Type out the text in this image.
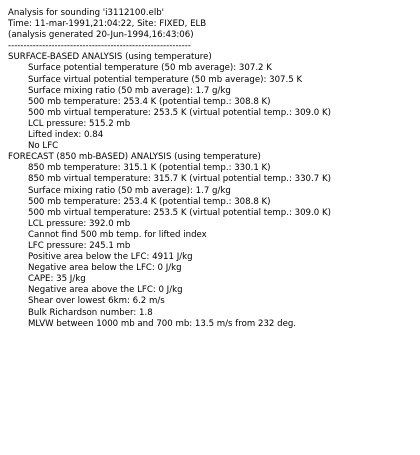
Analysis for sounding 'i3112100.elb'
Time: 11-mar-1991,21:04:22, Site: FIXED, ELB
(analysis generated 20-Jun-1994,16:43:06)
-----------------------------------------------------------
SURFACE-BASED ANALYSIS (using temperature)
Surface potential temperature (50 mb average): 307.2 K
Surface virtual potential temperature (50 mb average): 307.5 K
Surface mixing ratio (50 mb average): 1.7 g/kg
500 mb temperature: 253.4 K (potential temp.: 308.8 K)
500 mb virtual temperature: 253.5 K (virtual potential temp.: 309.0 K)
LCL pressure: 515.2 mb
Lifted index: 0.84
No LFC
FORECAST (850 mb-BASED) ANALYSIS (using temperature)
850 mb temperature: 315.1 K (potential temp.: 330.1 K)
850 mb virtual temperature: 315.7 K (virtual potential temp.: 330.7 K)
Surface mixing ratio (50 mb average): 1.7 g/kg
500 mb temperature: 253.4 K (potential temp.: 308.8 K)
500 mb virtual temperature: 253.5 K (virtual potential temp.: 309.0 K)
LCL pressure: 392.0 mb
Cannot find 500 mb temp. for lifted index
LFC pressure: 245.1 mb
Positive area below the LFC: 4911 J/kg
Negative area below the LFC: 0 J/kg
CAPE: 35 J/kg
Negative area above the LFC: 0 J/kg
Shear over lowest 6km: 6.2 m/s
Bulk Richardson number: 1.8
MLVW between 1000 mb and 700 mb: 13.5 m/s from 232 deg.
